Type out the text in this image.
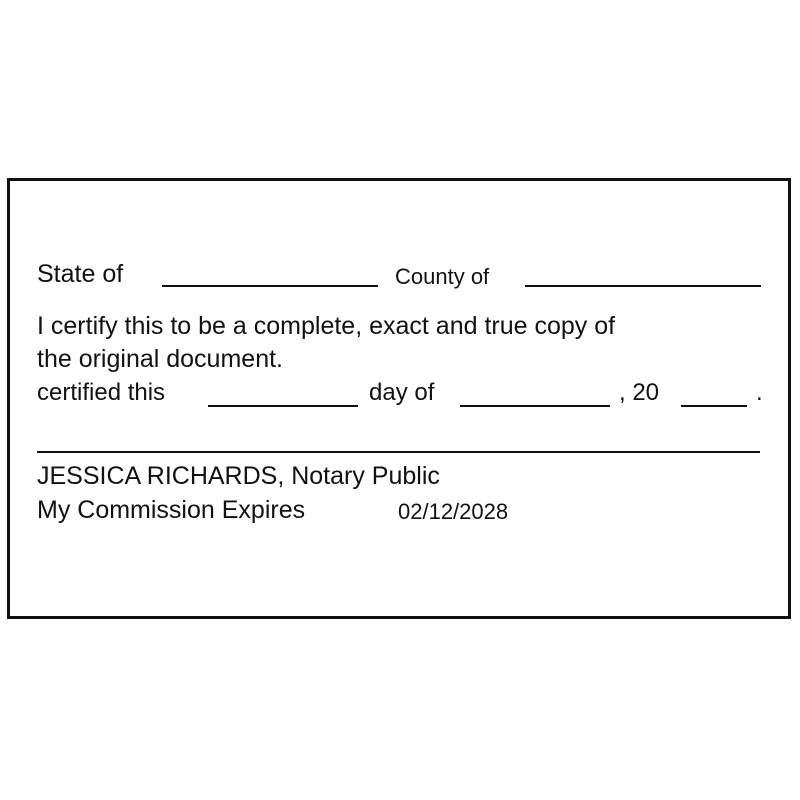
State of	County of
I certify this to be a complete, exact and true copy of
the original document.
certified this	day of	, 20	.
JESSICA RICHARDS, Notary Public
My Commission Expires	02/12/2028
